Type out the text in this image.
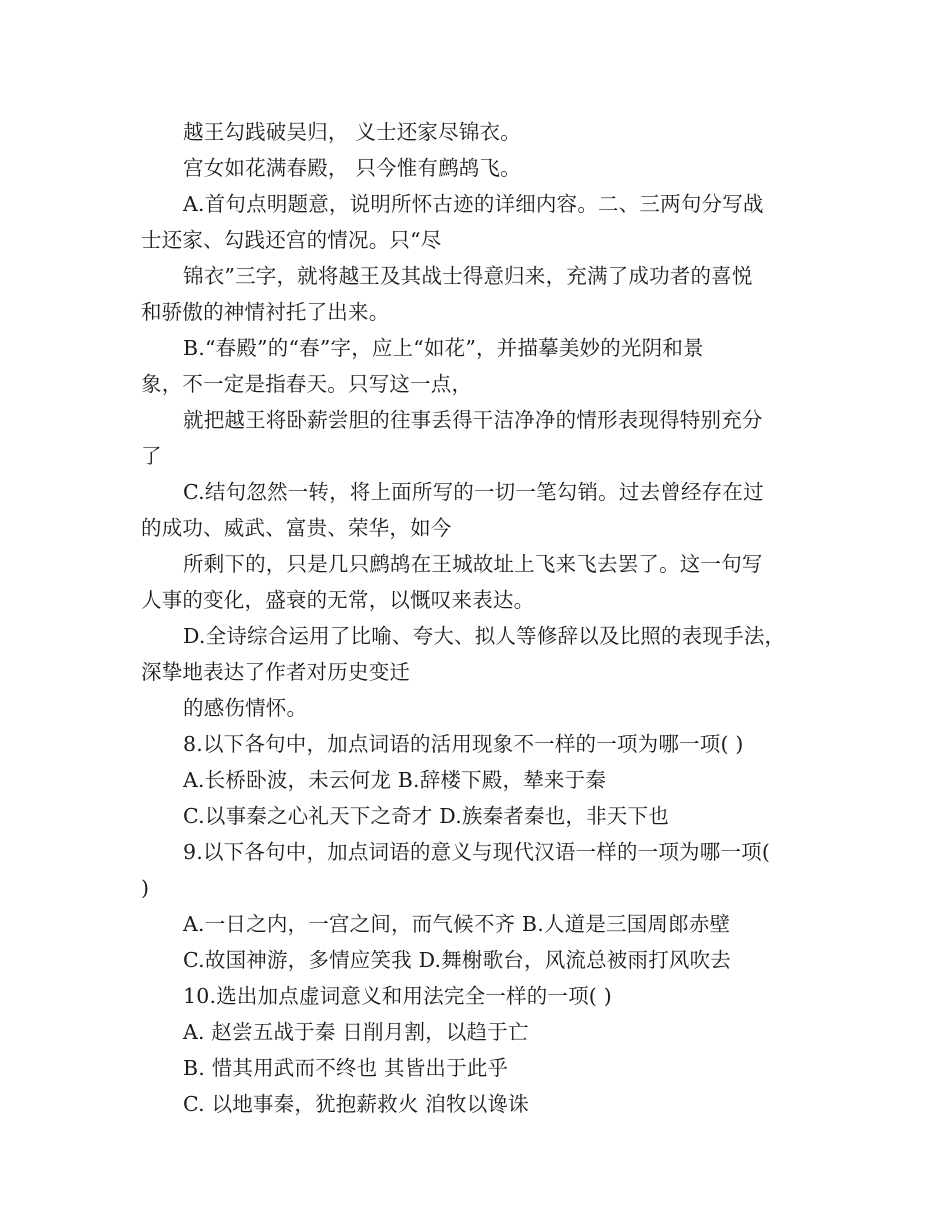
越王勾践破吴归， 义士还家尽锦衣。
宫女如花满春殿， 只今惟有鹧鸪飞。
A.首句点明题意，说明所怀古迹的详细内容。二、三两句分写战
士还家、勾践还宫的情况。只“尽
锦衣”三字，就将越王及其战士得意归来，充满了成功者的喜悦
和骄傲的神情衬托了出来。
B.“春殿”的“春”字，应上“如花”，并描摹美妙的光阴和景
象，不一定是指春天。只写这一点，
就把越王将卧薪尝胆的往事丢得干洁净净的情形表现得特别充分
了
C.结句忽然一转，将上面所写的一切一笔勾销。过去曾经存在过
的成功、威武、富贵、荣华，如今
所剩下的，只是几只鹧鸪在王城故址上飞来飞去罢了。这一句写
人事的变化，盛衰的无常，以慨叹来表达。
D.全诗综合运用了比喻、夸大、拟人等修辞以及比照的表现手法，
深挚地表达了作者对历史变迁
的感伤情怀。
8.以下各句中，加点词语的活用现象不一样的一项为哪一项( )
A.长桥卧波，未云何龙 B.辞楼下殿，辇来于秦
C.以事秦之心礼天下之奇才 D.族秦者秦也，非天下也
9.以下各句中，加点词语的意义与现代汉语一样的一项为哪一项(
)
A.一日之内，一宫之间，而气候不齐 B.人道是三国周郎赤壁
C.故国神游，多情应笑我 D.舞榭歌台，风流总被雨打风吹去
10.选出加点虚词意义和用法完全一样的一项( )
A. 赵尝五战于秦 日削月割，以趋于亡
B. 惜其用武而不终也 其皆出于此乎
C. 以地事秦，犹抱薪救火 洎牧以谗诛
